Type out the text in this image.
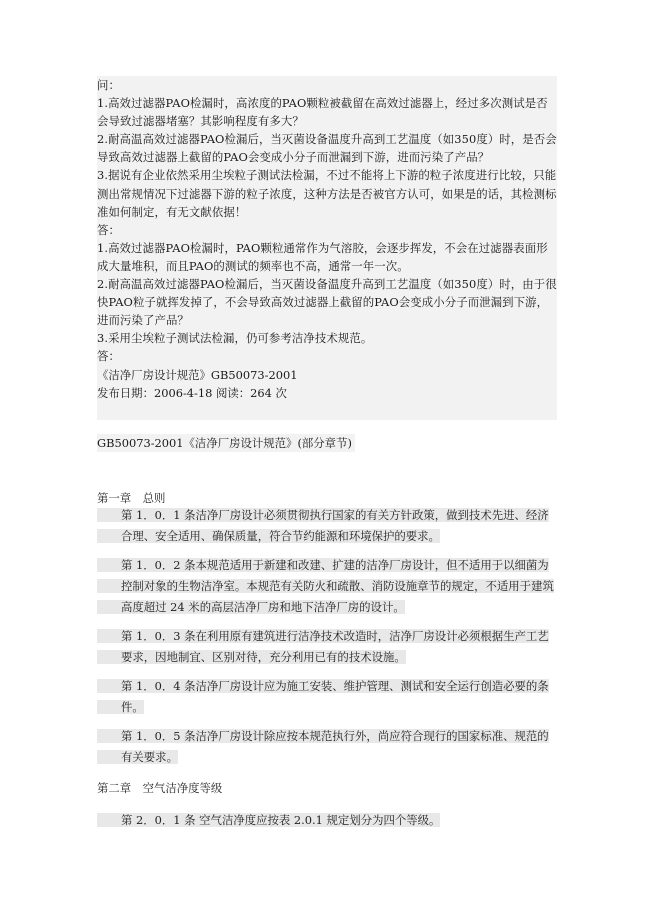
问：

1.高效过滤器PAO检漏时，高浓度的PAO颗粒被截留在高效过滤器上，经过多次测试是否会导致过滤器堵塞？其影响程度有多大？

2.耐高温高效过滤器PAO检漏后，当灭菌设备温度升高到工艺温度（如350度）时，是否会导致高效过滤器上截留的PAO会变成小分子而泄漏到下游，进而污染了产品？

3.据说有企业依然采用尘埃粒子测试法检漏，不过不能将上下游的粒子浓度进行比较，只能测出常规情况下过滤器下游的粒子浓度，这种方法是否被官方认可，如果是的话，其检测标准如何制定，有无文献依据！

答：

1.高效过滤器PAO检漏时，PAO颗粒通常作为气溶胶，会逐步挥发，不会在过滤器表面形成大量堆积，而且PAO的测试的频率也不高，通常一年一次。

2.耐高温高效过滤器PAO检漏后，当灭菌设备温度升高到工艺温度（如350度）时，由于很快PAO粒子就挥发掉了，不会导致高效过滤器上截留的PAO会变成小分子而泄漏到下游，进而污染了产品？

3.采用尘埃粒子测试法检漏，仍可参考洁净技术规范。

答：

《洁净厂房设计规范》GB50073-2001

发布日期：2006-4-18 阅读：264 次

GB50073-2001《洁净厂房设计规范》(部分章节)
第一章　总则

第 1．0．1 条洁净厂房设计必须贯彻执行国家的有关方针政策，做到技术先进、经济合理、安全适用、确保质量，符合节约能源和环境保护的要求。

第 1．0．2 条本规范适用于新建和改建、扩建的洁净厂房设计，但不适用于以细菌为控制对象的生物洁净室。本规范有关防火和疏散、消防设施章节的规定，不适用于建筑高度超过 24 米的高层洁净厂房和地下洁净厂房的设计。

第 1．0．3 条在利用原有建筑进行洁净技术改造时，洁净厂房设计必须根据生产工艺要求，因地制宜、区别对待，充分利用已有的技术设施。

第 1．0．4 条洁净厂房设计应为施工安装、维护管理、测试和安全运行创造必要的条件。

第 1．0．5 条洁净厂房设计除应按本规范执行外，尚应符合现行的国家标准、规范的有关要求。

第二章　空气洁净度等级

第 2．0．1 条 空气洁净度应按表 2.0.1 规定划分为四个等级。
